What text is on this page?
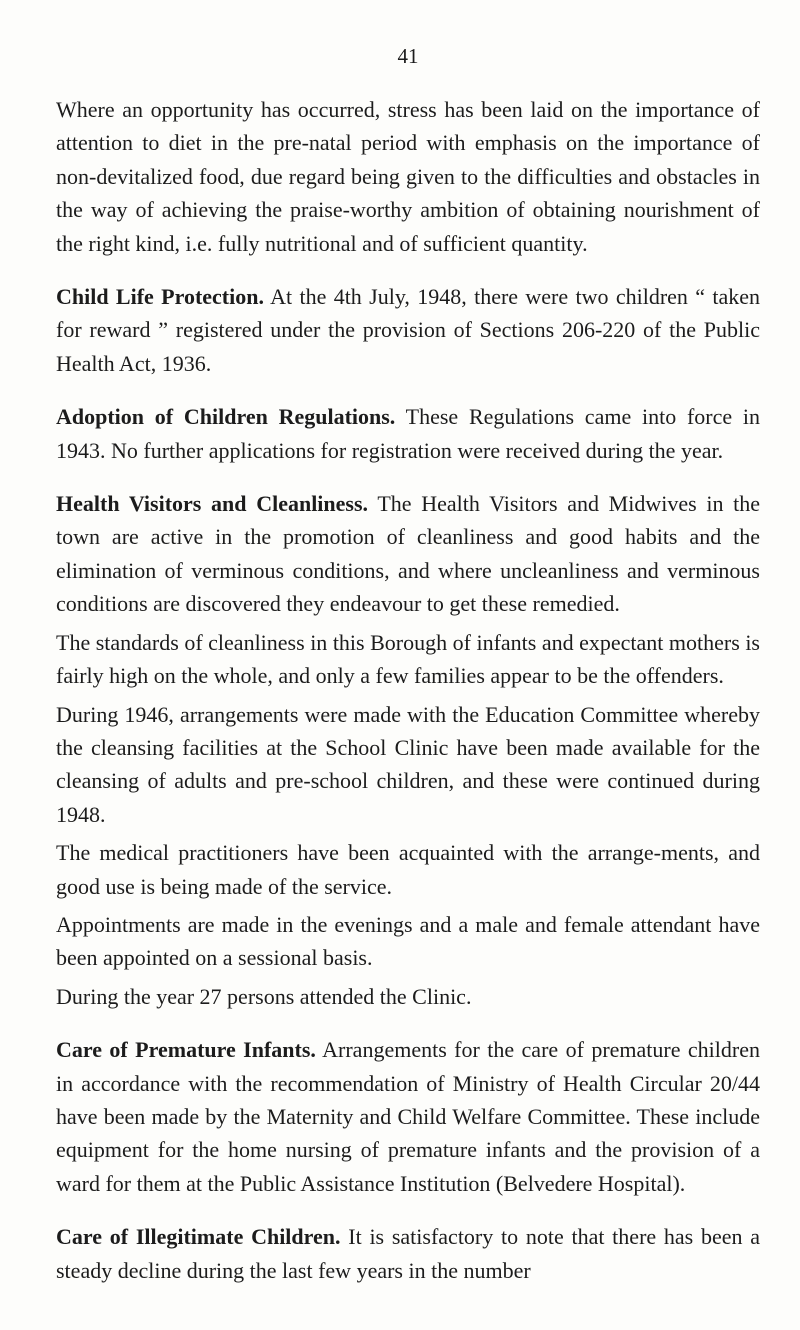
41

Where an opportunity has occurred, stress has been laid on the importance of attention to diet in the pre-natal period with emphasis on the importance of non-devitalized food, due regard being given to the difficulties and obstacles in the way of achieving the praise-worthy ambition of obtaining nourishment of the right kind, i.e. fully nutritional and of sufficient quantity.

Child Life Protection. At the 4th July, 1948, there were two children “ taken for reward ” registered under the provision of Sections 206-220 of the Public Health Act, 1936.

Adoption of Children Regulations. These Regulations came into force in 1943. No further applications for registration were received during the year.

Health Visitors and Cleanliness. The Health Visitors and Midwives in the town are active in the promotion of cleanliness and good habits and the elimination of verminous conditions, and where uncleanliness and verminous conditions are discovered they endeavour to get these remedied.

The standards of cleanliness in this Borough of infants and expectant mothers is fairly high on the whole, and only a few families appear to be the offenders.

During 1946, arrangements were made with the Education Committee whereby the cleansing facilities at the School Clinic have been made available for the cleansing of adults and pre-school children, and these were continued during 1948.

The medical practitioners have been acquainted with the arrange-ments, and good use is being made of the service.

Appointments are made in the evenings and a male and female attendant have been appointed on a sessional basis.

During the year 27 persons attended the Clinic.

Care of Premature Infants. Arrangements for the care of premature children in accordance with the recommendation of Ministry of Health Circular 20/44 have been made by the Maternity and Child Welfare Committee. These include equipment for the home nursing of premature infants and the provision of a ward for them at the Public Assistance Institution (Belvedere Hospital).

Care of Illegitimate Children. It is satisfactory to note that there has been a steady decline during the last few years in the number
